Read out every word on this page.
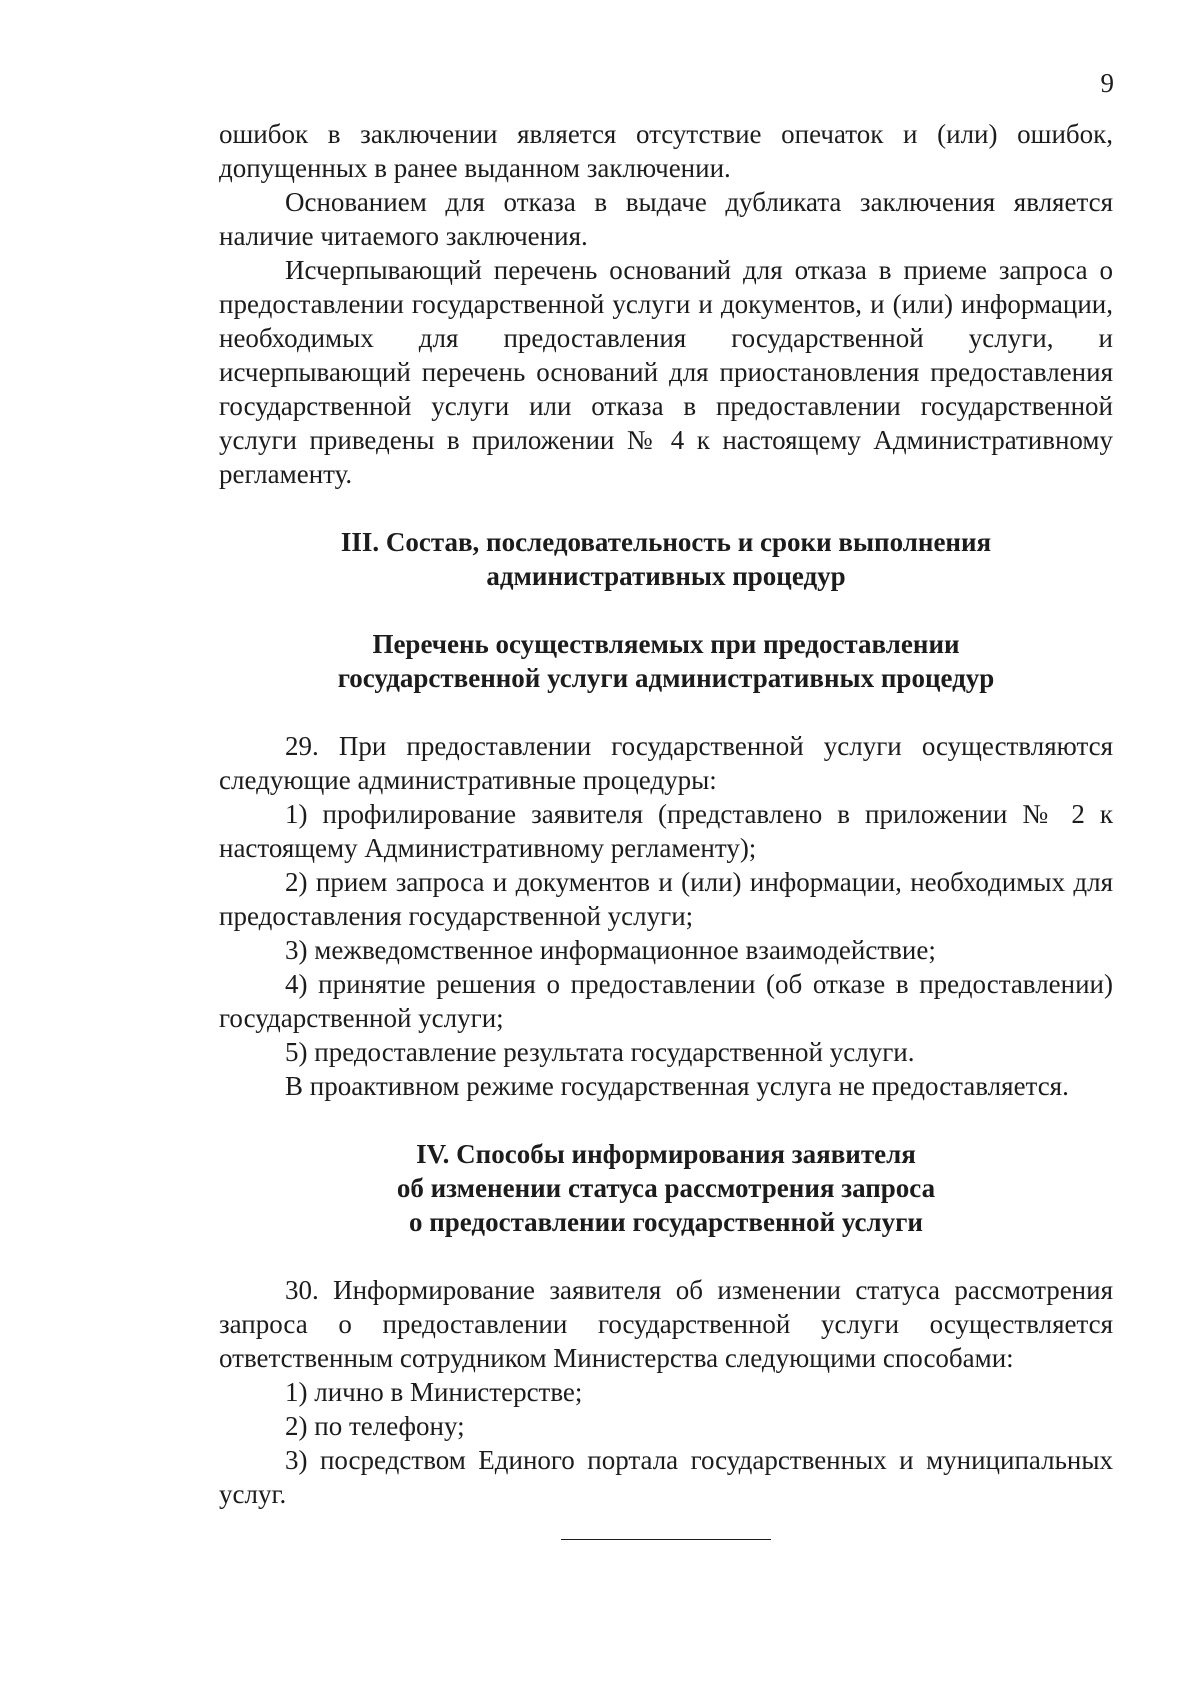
9

ошибок в заключении является отсутствие опечаток и (или) ошибок, допущенных в ранее выданном заключении.

Основанием для отказа в выдаче дубликата заключения является наличие читаемого заключения.

Исчерпывающий перечень оснований для отказа в приеме запроса о предоставлении государственной услуги и документов, и (или) информации, необходимых для предоставления государственной услуги, и исчерпывающий перечень оснований для приостановления предоставления государственной услуги или отказа в предоставлении государственной услуги приведены в приложении № 4 к настоящему Административному регламенту.

III. Состав, последовательность и сроки выполнения
административных процедур
Перечень осуществляемых при предоставлении
государственной услуги административных процедур

29. При предоставлении государственной услуги осуществляются следующие административные процедуры:

1) профилирование заявителя (представлено в приложении № 2 к настоящему Административному регламенту);

2) прием запроса и документов и (или) информации, необходимых для предоставления государственной услуги;

3) межведомственное информационное взаимодействие;

4) принятие решения о предоставлении (об отказе в предоставлении) государственной услуги;

5) предоставление результата государственной услуги.

В проактивном режиме государственная услуга не предоставляется.

IV. Способы информирования заявителя
об изменении статуса рассмотрения запроса
о предоставлении государственной услуги

30. Информирование заявителя об изменении статуса рассмотрения запроса о предоставлении государственной услуги осуществляется ответственным сотрудником Министерства следующими способами:

1) лично в Министерстве;

2) по телефону;

3) посредством Единого портала государственных и муниципальных услуг.
